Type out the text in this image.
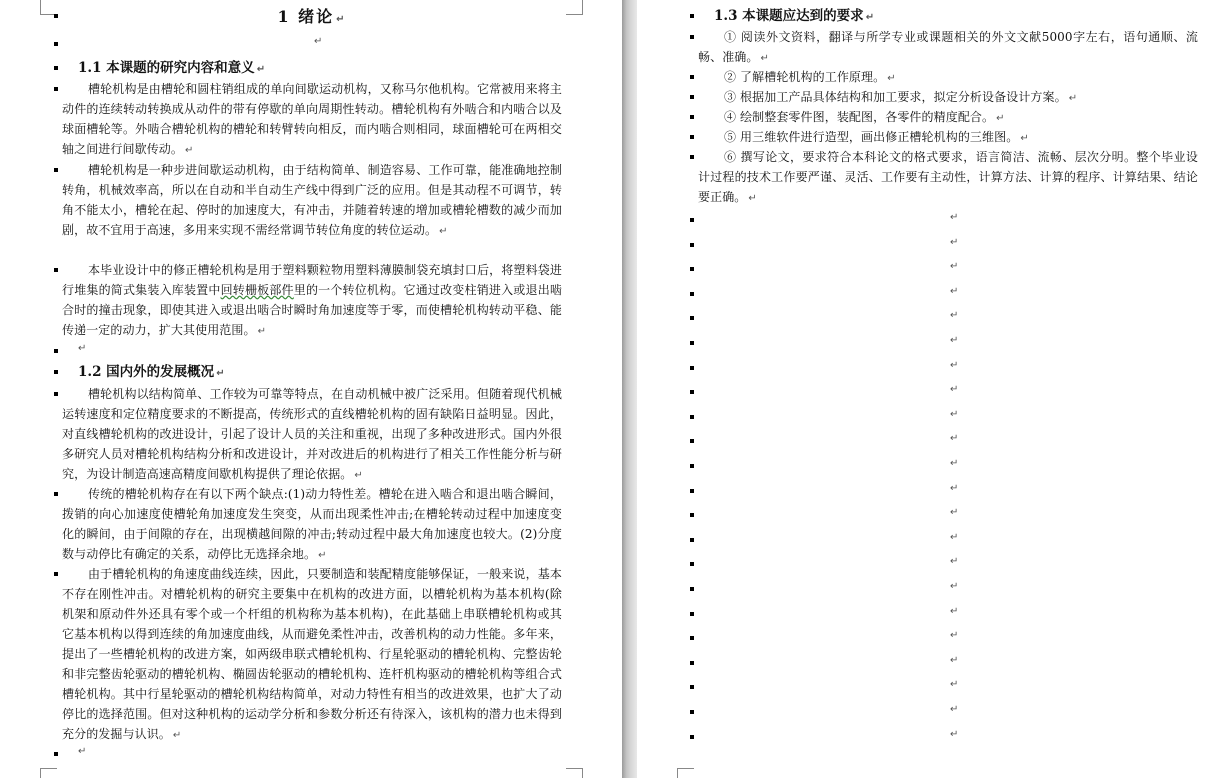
1 绪论 ↵
↵
1.1 本课题的研究内容和意义 ↵
槽轮机构是由槽轮和圆柱销组成的单向间歇运动机构，又称马尔他机构。它常被用来将主动件的连续转动转换成从动件的带有停歇的单向周期性转动。槽轮机构有外啮合和内啮合以及球面槽轮等。外啮合槽轮机构的槽轮和转臂转向相反，而内啮合则相同，球面槽轮可在两相交轴之间进行间歇传动。 ↵
槽轮机构是一种步进间歇运动机构，由于结构简单、制造容易、工作可靠，能准确地控制转角，机械效率高，所以在自动和半自动生产线中得到广泛的应用。但是其动程不可调节，转角不能太小，槽轮在起、停时的加速度大，有冲击，并随着转速的增加或槽轮槽数的减少而加剧，故不宜用于高速，多用来实现不需经常调节转位角度的转位运动。 ↵
本毕业设计中的修正槽轮机构是用于塑料颗粒物用塑料薄膜制袋充填封口后，将塑料袋进行堆集的简式集装入库装置中回转栅板部件里的一个转位机构。它通过改变柱销进入或退出啮合时的撞击现象，即使其进入或退出啮合时瞬时角加速度等于零，而使槽轮机构转动平稳、能传递一定的动力，扩大其使用范围。 ↵
↵
1.2 国内外的发展概况 ↵
槽轮机构以结构简单、工作较为可靠等特点，在自动机械中被广泛采用。但随着现代机械运转速度和定位精度要求的不断提高，传统形式的直线槽轮机构的固有缺陷日益明显。因此，对直线槽轮机构的改进设计，引起了设计人员的关注和重视，出现了多种改进形式。国内外很多研究人员对槽轮机构结构分析和改进设计，并对改进后的机构进行了相关工作性能分析与研究，为设计制造高速高精度间歇机构提供了理论依据。 ↵
传统的槽轮机构存在有以下两个缺点:(1)动力特性差。槽轮在进入啮合和退出啮合瞬间，拨销的向心加速度使槽轮角加速度发生突变，从而出现柔性冲击;在槽轮转动过程中加速度变化的瞬间，由于间隙的存在，出现横越间隙的冲击;转动过程中最大角加速度也较大。(2)分度数与动停比有确定的关系，动停比无选择余地。 ↵
由于槽轮机构的角速度曲线连续，因此，只要制造和装配精度能够保证，一般来说，基本不存在刚性冲击。对槽轮机构的研究主要集中在机构的改进方面，以槽轮机构为基本机构(除机架和原动件外还具有零个或一个杆组的机构称为基本机构)，在此基础上串联槽轮机构或其它基本机构以得到连续的角加速度曲线，从而避免柔性冲击，改善机构的动力性能。多年来，提出了一些槽轮机构的改进方案，如两级串联式槽轮机构、行星轮驱动的槽轮机构、完整齿轮和非完整齿轮驱动的槽轮机构、椭圆齿轮驱动的槽轮机构、连杆机构驱动的槽轮机构等组合式槽轮机构。其中行星轮驱动的槽轮机构结构简单，对动力特性有相当的改进效果，也扩大了动停比的选择范围。但对这种机构的运动学分析和参数分析还有待深入，该机构的潜力也未得到充分的发掘与认识。 ↵
↵
1.3 本课题应达到的要求 ↵
① 阅读外文资料，翻译与所学专业或课题相关的外文文献5000字左右，语句通顺、流畅、准确。 ↵
② 了解槽轮机构的工作原理。 ↵
③ 根据加工产品具体结构和加工要求，拟定分析设备设计方案。 ↵
④ 绘制整套零件图，装配图，各零件的精度配合。 ↵
⑤ 用三维软件进行造型，画出修正槽轮机构的三维图。 ↵
⑥ 撰写论文，要求符合本科论文的格式要求，语言简洁、流畅、层次分明。整个毕业设计过程的技术工作要严谨、灵活、工作要有主动性，计算方法、计算的程序、计算结果、结论要正确。 ↵
↵
↵
↵
↵
↵
↵
↵
↵
↵
↵
↵
↵
↵
↵
↵
↵
↵
↵
↵
↵
↵
↵
